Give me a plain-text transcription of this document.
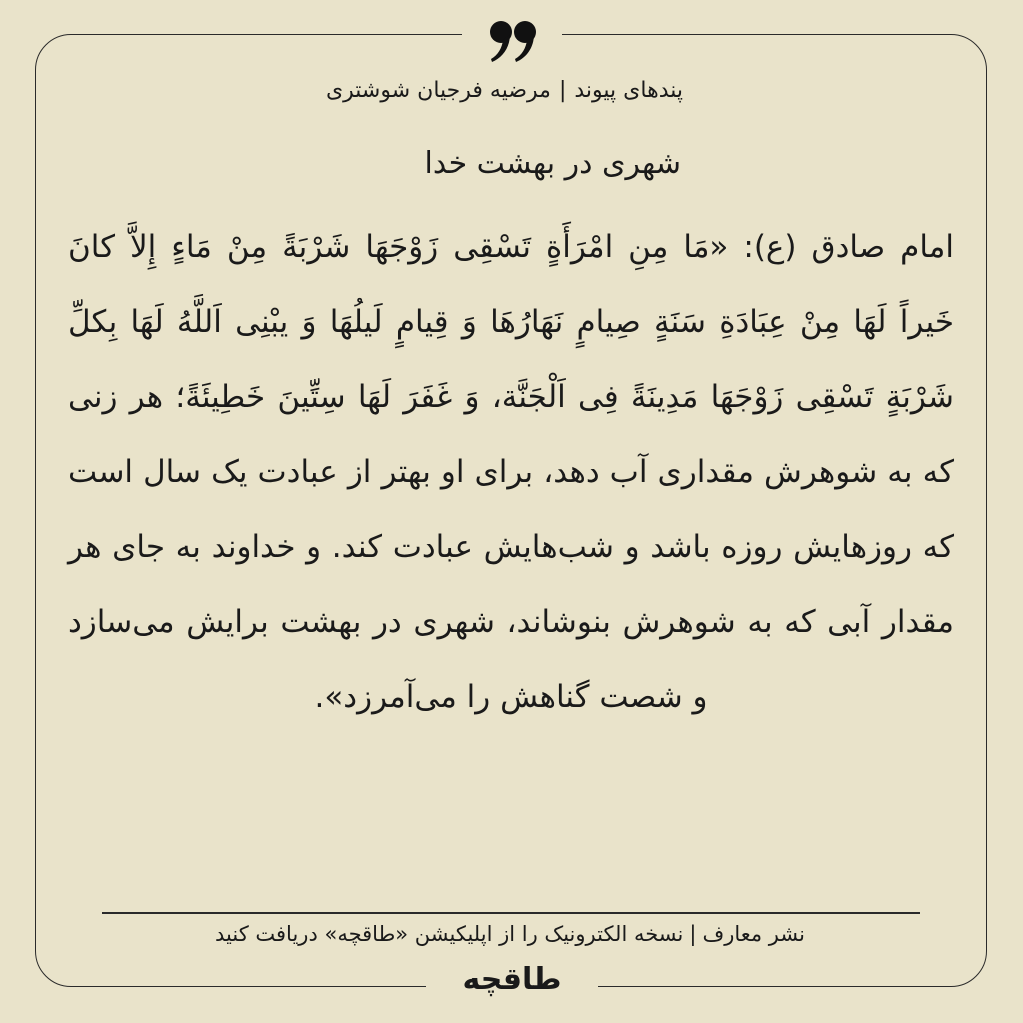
پندهای پیوند|مرضیه فرجیان شوشتری
شهری در بهشت خدا
امام صادق (ع): «مَا مِنِ امْرَأَةٍ تَسْقِی زَوْجَهَا شَرْبَةً مِنْ مَاءٍ إِلاَّ کانَ خَیراً لَهَا مِنْ عِبَادَةِ سَنَةٍ صِیامٍ نَهَارُهَا وَ قِیامٍ لَیلُهَا وَ یبْنِی اَللَّهُ لَهَا بِکلِّ شَرْبَةٍ تَسْقِی زَوْجَهَا مَدِینَةً فِی اَلْجَنَّة، وَ غَفَرَ لَهَا سِتِّینَ خَطِیئَةً؛ هر زنی که به شوهرش مقداری آب دهد، برای او بهتر از عبادت یک سال است که روزهایش روزه باشد و شب‌هایش عبادت کند. و خداوند به جای هر مقدار آبی که به شوهرش بنوشاند، شهری در بهشت برایش می‌سازد و شصت گناهش را می‌آمرزد».
نشر معارف|نسخه الکترونیک را از اپلیکیشن «طاقچه» دریافت کنید
طاقچه
